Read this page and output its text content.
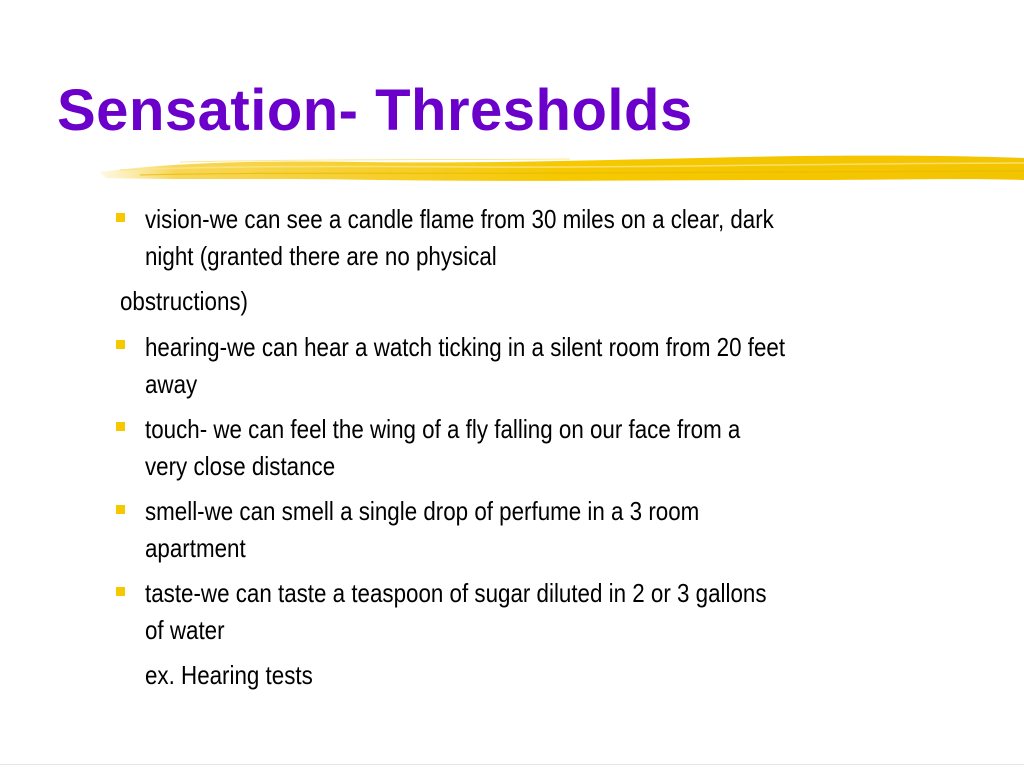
Sensation- Thresholds
vision-we can see a candle flame from 30 miles on a clear, dark
night (granted there are no physical
obstructions)
hearing-we can hear a watch ticking in a silent room from 20 feet
away
touch- we can feel the wing of a fly falling on our face from a
very close distance
smell-we can smell a single drop of perfume in a 3 room
apartment
taste-we can taste a teaspoon of sugar diluted in 2 or 3 gallons
of water
ex. Hearing tests
